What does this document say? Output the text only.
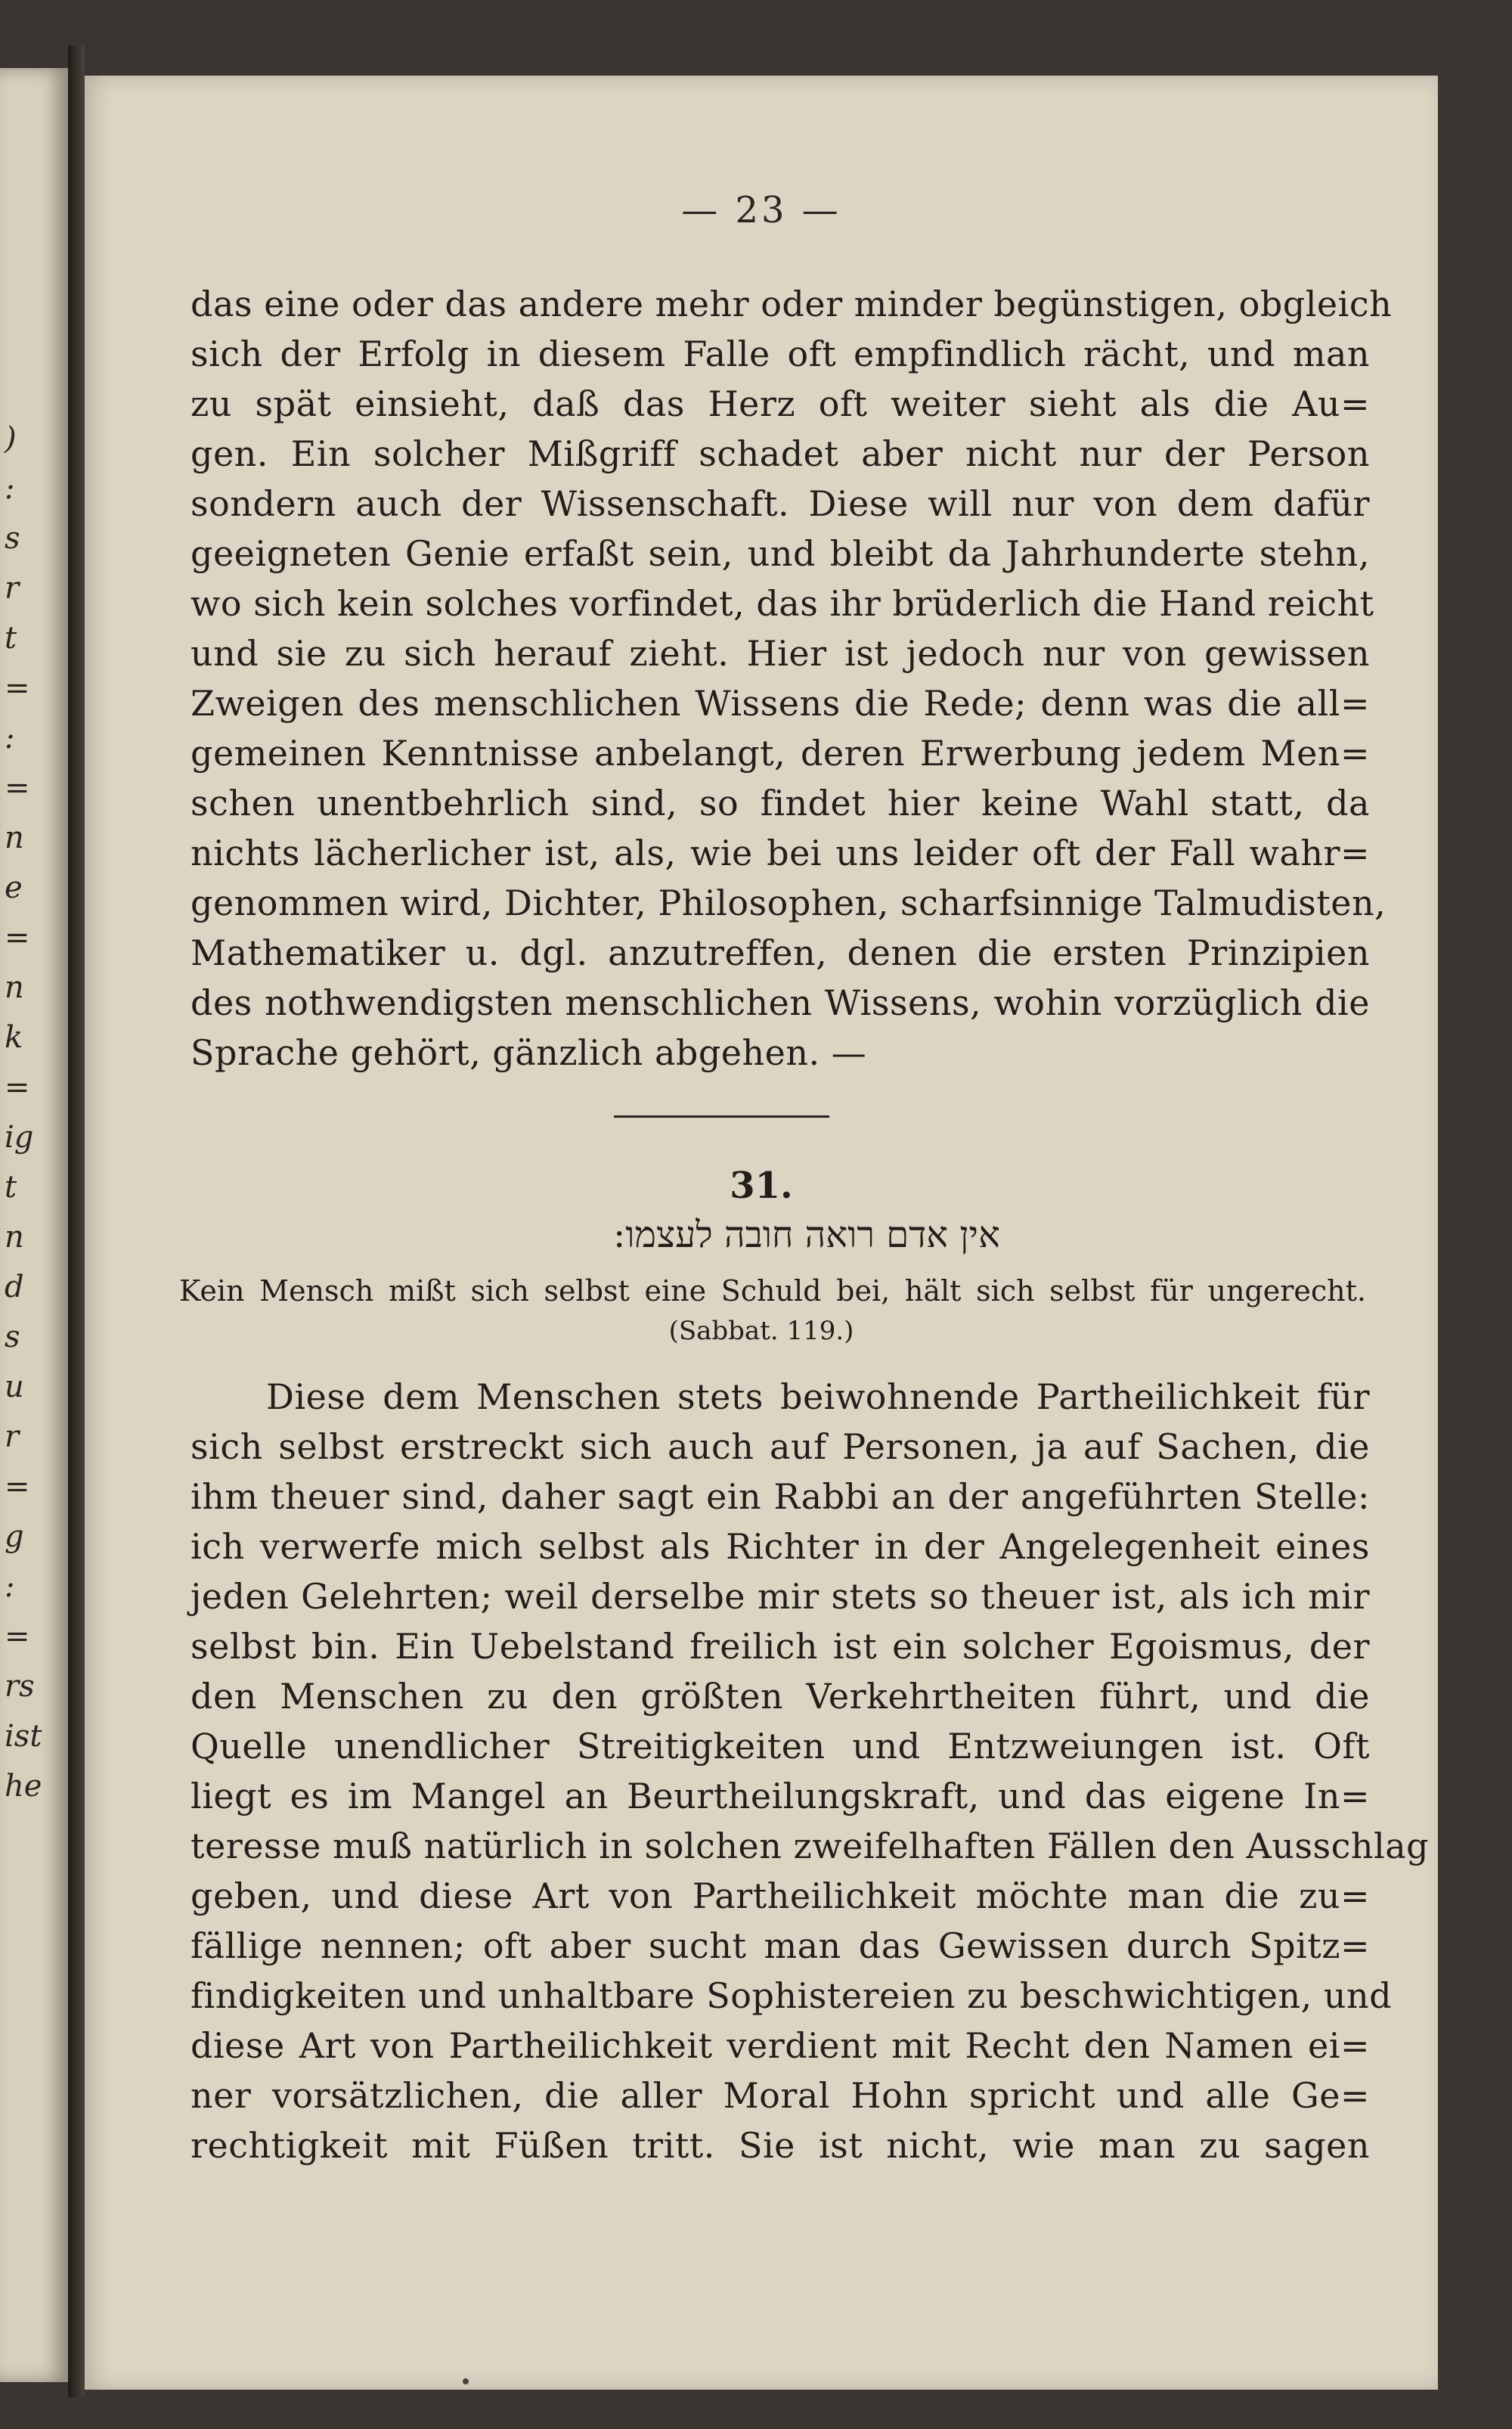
)
:
s
r
t
=
:
=
n
e
=
n
k
=
ig
t
n
d
s
u
r
=
g
:
=
rs
ist
he
— 23 —
das eine oder das andere mehr oder minder begünstigen, obgleich
sich der Erfolg in diesem Falle oft empfindlich rächt, und man
zu spät einsieht, daß das Herz oft weiter sieht als die Au=
gen. Ein solcher Mißgriff schadet aber nicht nur der Person
sondern auch der Wissenschaft. Diese will nur von dem dafür
geeigneten Genie erfaßt sein, und bleibt da Jahrhunderte stehn,
wo sich kein solches vorfindet, das ihr brüderlich die Hand reicht
und sie zu sich herauf zieht. Hier ist jedoch nur von gewissen
Zweigen des menschlichen Wissens die Rede; denn was die all=
gemeinen Kenntnisse anbelangt, deren Erwerbung jedem Men=
schen unentbehrlich sind, so findet hier keine Wahl statt, da
nichts lächerlicher ist, als, wie bei uns leider oft der Fall wahr=
genommen wird, Dichter, Philosophen, scharfsinnige Talmudisten,
Mathematiker u. dgl. anzutreffen, denen die ersten Prinzipien
des nothwendigsten menschlichen Wissens, wohin vorzüglich die
Sprache gehört, gänzlich abgehen. —
31.
אין אדם רואה חובה לעצמו:
Kein Mensch mißt sich selbst eine Schuld bei, hält sich selbst für ungerecht.
(Sabbat. 119.)
Diese dem Menschen stets beiwohnende Partheilichkeit für
sich selbst erstreckt sich auch auf Personen, ja auf Sachen, die
ihm theuer sind, daher sagt ein Rabbi an der angeführten Stelle:
ich verwerfe mich selbst als Richter in der Angelegenheit eines
jeden Gelehrten; weil derselbe mir stets so theuer ist, als ich mir
selbst bin. Ein Uebelstand freilich ist ein solcher Egoismus, der
den Menschen zu den größten Verkehrtheiten führt, und die
Quelle unendlicher Streitigkeiten und Entzweiungen ist. Oft
liegt es im Mangel an Beurtheilungskraft, und das eigene In=
teresse muß natürlich in solchen zweifelhaften Fällen den Ausschlag
geben, und diese Art von Partheilichkeit möchte man die zu=
fällige nennen; oft aber sucht man das Gewissen durch Spitz=
findigkeiten und unhaltbare Sophistereien zu beschwichtigen, und
diese Art von Partheilichkeit verdient mit Recht den Namen ei=
ner vorsätzlichen, die aller Moral Hohn spricht und alle Ge=
rechtigkeit mit Füßen tritt. Sie ist nicht, wie man zu sagen
